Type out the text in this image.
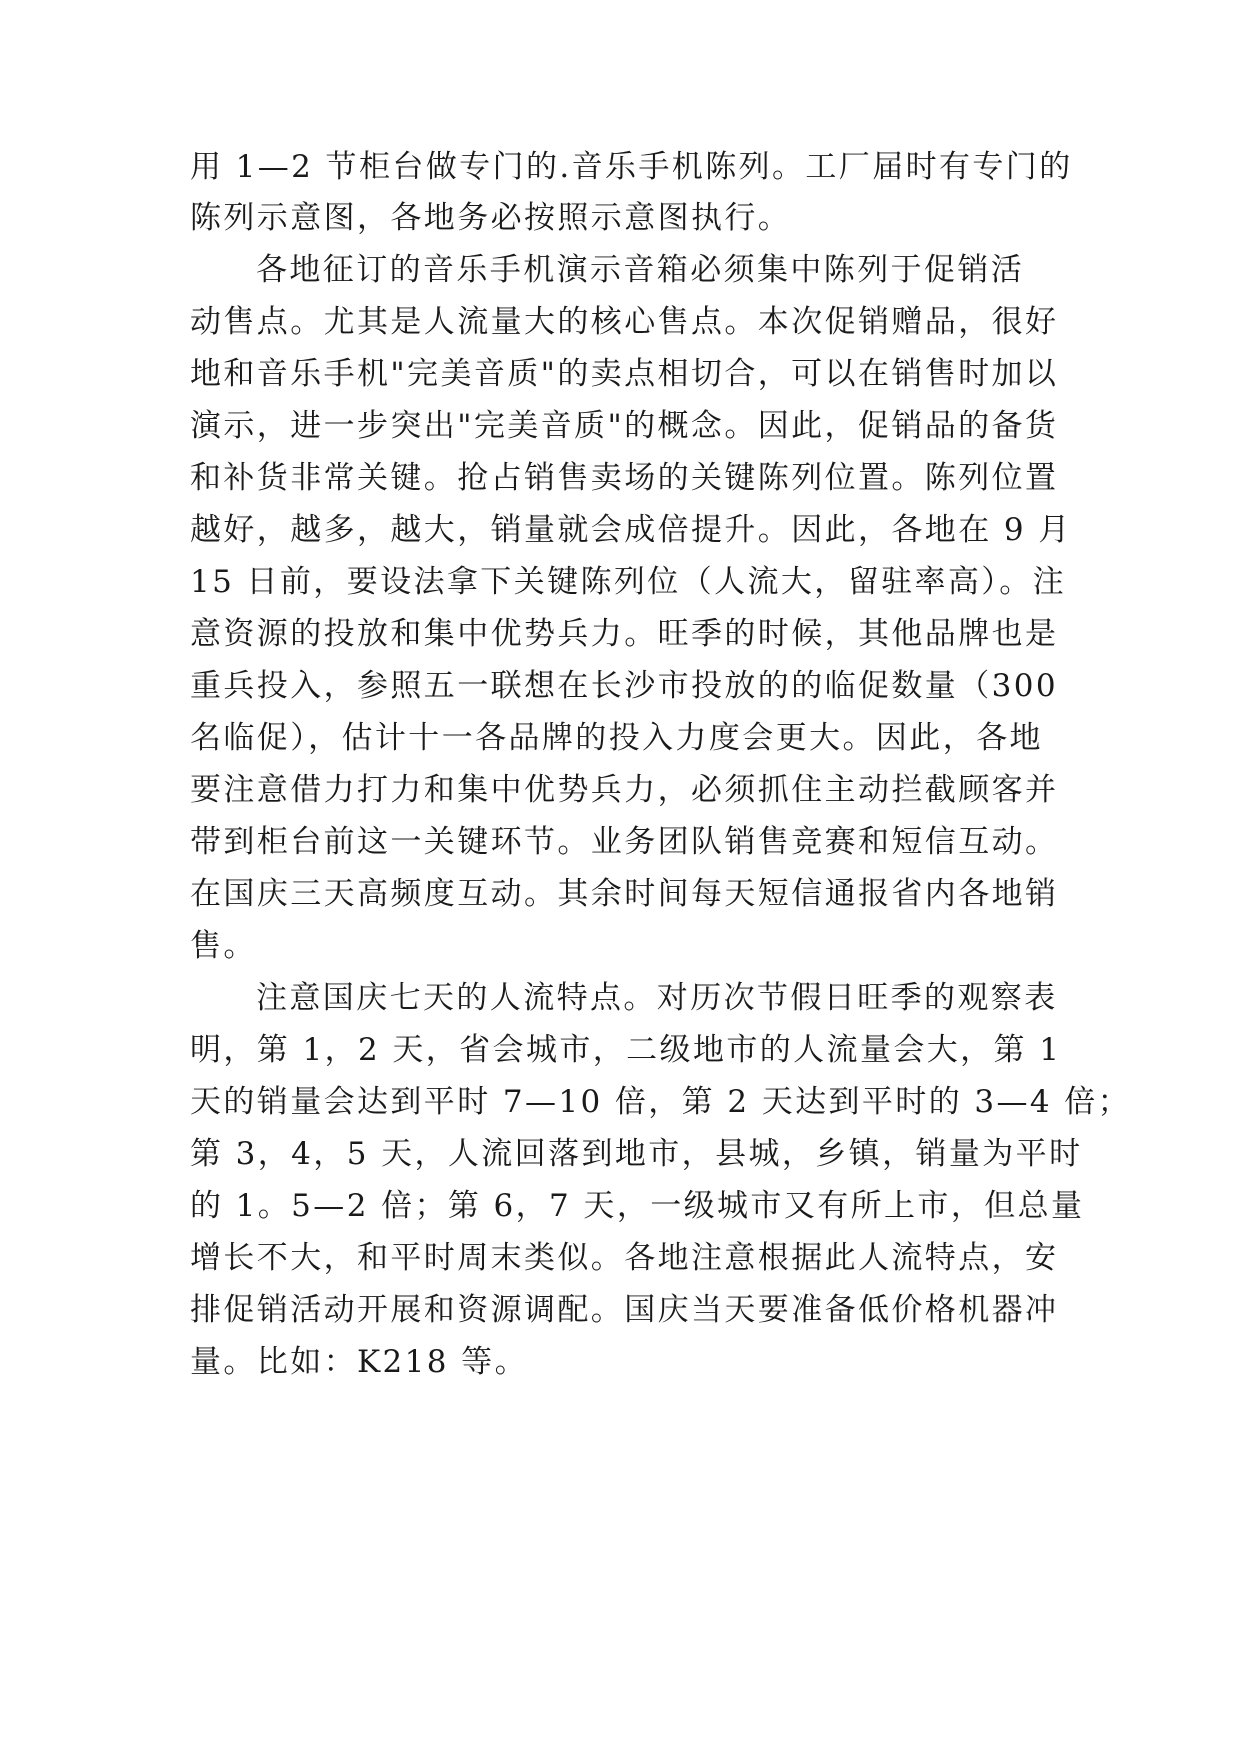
用 1—2 节柜台做专门的.音乐手机陈列。工厂届时有专门的
陈列示意图，各地务必按照示意图执行。
各地征订的音乐手机演示音箱必须集中陈列于促销活
动售点。尤其是人流量大的核心售点。本次促销赠品，很好
地和音乐手机"完美音质"的卖点相切合，可以在销售时加以
演示，进一步突出"完美音质"的概念。因此，促销品的备货
和补货非常关键。抢占销售卖场的关键陈列位置。陈列位置
越好，越多，越大，销量就会成倍提升。因此，各地在 9 月
15 日前，要设法拿下关键陈列位（人流大，留驻率高）。注
意资源的投放和集中优势兵力。旺季的时候，其他品牌也是
重兵投入，参照五一联想在长沙市投放的的临促数量（300
名临促），估计十一各品牌的投入力度会更大。因此，各地
要注意借力打力和集中优势兵力，必须抓住主动拦截顾客并
带到柜台前这一关键环节。业务团队销售竞赛和短信互动。
在国庆三天高频度互动。其余时间每天短信通报省内各地销
售。
注意国庆七天的人流特点。对历次节假日旺季的观察表
明，第 1，2 天，省会城市，二级地市的人流量会大，第 1
天的销量会达到平时 7—10 倍，第 2 天达到平时的 3—4 倍；
第 3，4，5 天，人流回落到地市，县城，乡镇，销量为平时
的 1。5—2 倍；第 6，7 天，一级城市又有所上市，但总量
增长不大，和平时周末类似。各地注意根据此人流特点，安
排促销活动开展和资源调配。国庆当天要准备低价格机器冲
量。比如：K218 等。
